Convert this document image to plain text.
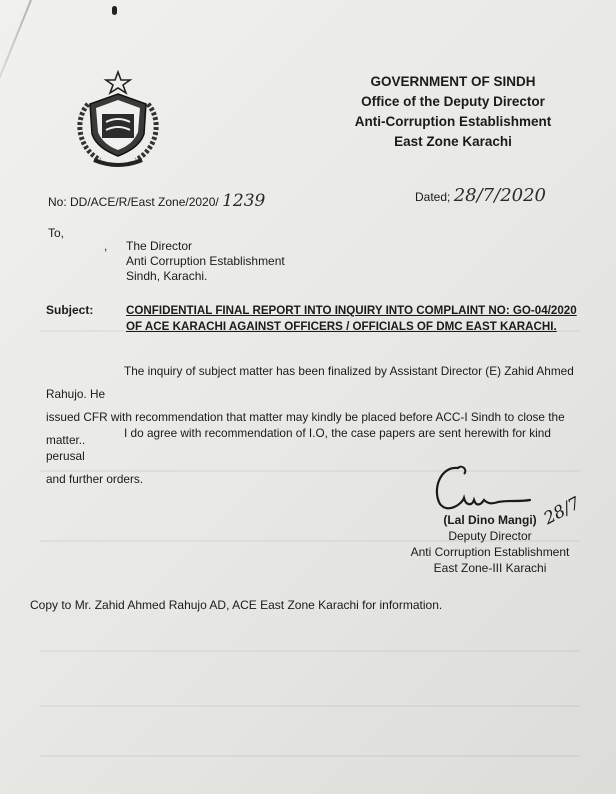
GOVERNMENT OF SINDH
Office of the Deputy Director
Anti-Corruption Establishment
East Zone Karachi
No: DD/ACE/R/East Zone/2020/ 1239	Dated; 28/7/2020
To,
, The Director
Anti Corruption Establishment
Sindh, Karachi.
Subject:	CONFIDENTIAL FINAL REPORT INTO INQUIRY INTO COMPLAINT NO: GO-04/2020
OF ACE KARACHI AGAINST OFFICERS / OFFICIALS OF DMC EAST KARACHI.
The inquiry of subject matter has been finalized by Assistant Director (E) Zahid Ahmed Rahujo. He
issued CFR with recommendation that matter may kindly be placed before ACC-I Sindh to close the matter..	I do agree with recommendation of I.O, the case papers are sent herewith for kind perusal
and further orders.
28/7
(Lal Dino Mangi)
Deputy Director
Anti Corruption Establishment
East Zone-III Karachi
Copy to Mr. Zahid Ahmed Rahujo AD, ACE East Zone Karachi for information.
